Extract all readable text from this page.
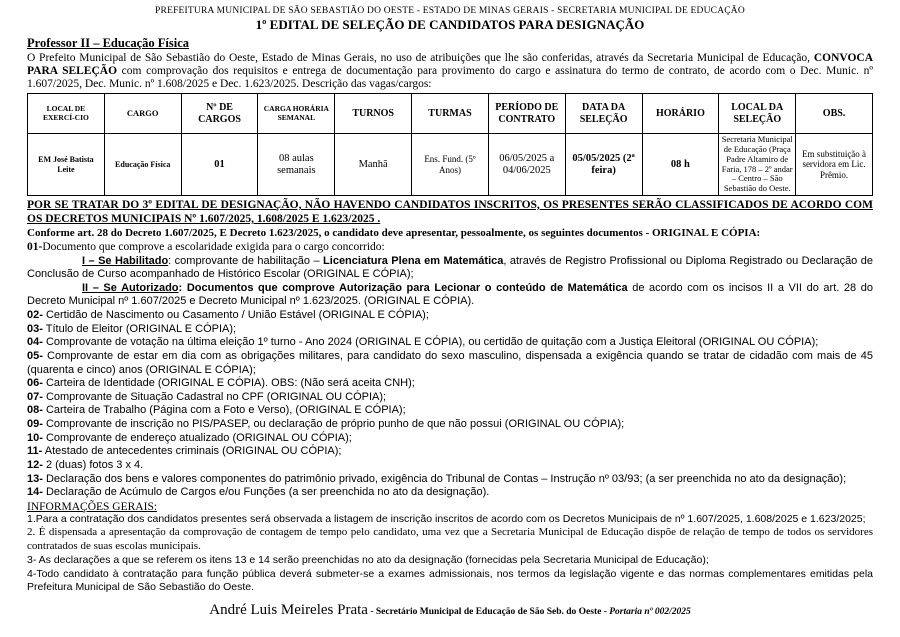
PREFEITURA MUNICIPAL DE SÃO SEBASTIÃO DO OESTE - ESTADO DE MINAS GERAIS - SECRETARIA MUNICIPAL DE EDUCAÇÃO
1º EDITAL DE SELEÇÃO DE CANDIDATOS PARA DESIGNAÇÃO
Professor II – Educação Física

O Prefeito Municipal de São Sebastião do Oeste, Estado de Minas Gerais, no uso de atribuições que lhe são conferidas, através da Secretaria Municipal de Educação, CONVOCA PARA SELEÇÃO com comprovação dos requisitos e entrega de documentação para provimento do cargo e assinatura do termo de contrato, de acordo com o Dec. Munic. nº 1.607/2025, Dec. Munic. nº 1.608/2025 e Dec. 1.623/2025. Descrição das vagas/cargos:

LOCAL DE EXERCÍ-CIO	CARGO	Nº DE CARGOS	CARGA HORÁRIA SEMANAL	TURNOS	TURMAS	PERÍODO DE CONTRATO	DATA DA SELEÇÃO	HORÁRIO	LOCAL DA SELEÇÃO	OBS.
EM José Batista Leite	Educação Física	01	08 aulas semanais	Manhã	Ens. Fund. (5º Anos)	06/05/2025 a 04/06/2025	05/05/2025 (2ª feira)	08 h	Secretaria Municipal de Educação (Praça Padre Altamiro de Faria, 178 – 2º andar – Centro – São Sebastião do Oeste.	Em substituição à servidora em Lic. Prêmio.

POR SE TRATAR DO 3º EDITAL DE DESIGNAÇÃO, NÃO HAVENDO CANDIDATOS INSCRITOS, OS PRESENTES SERÃO CLASSIFICADOS DE ACORDO COM OS DECRETOS MUNICIPAIS Nº 1.607/2025, 1.608/2025 E 1.623/2025 .

Conforme art. 28 do Decreto 1.607/2025, E Decreto 1.623/2025, o candidato deve apresentar, pessoalmente, os seguintes documentos - ORIGINAL E CÓPIA:

01-Documento que comprove a escolaridade exigida para o cargo concorrido:

I – Se Habilitado: comprovante de habilitação – Licenciatura Plena em Matemática, através de Registro Profissional ou Diploma Registrado ou Declaração de Conclusão de Curso acompanhado de Histórico Escolar (ORIGINAL E CÓPIA);

II – Se Autorizado: Documentos que comprove Autorização para Lecionar o conteúdo de Matemática de acordo com os incisos II a VII do art. 28 do Decreto Municipal nº 1.607/2025 e Decreto Municipal nº 1.623/2025. (ORIGINAL E CÓPIA).

02- Certidão de Nascimento ou Casamento / União Estável (ORIGINAL E CÓPIA);

03- Título de Eleitor (ORIGINAL E CÓPIA);

04- Comprovante de votação na última eleição 1º turno - Ano 2024 (ORIGINAL E CÓPIA), ou certidão de quitação com a Justiça Eleitoral (ORIGINAL OU CÓPIA);

05- Comprovante de estar em dia com as obrigações militares, para candidato do sexo masculino, dispensada a exigência quando se tratar de cidadão com mais de 45 (quarenta e cinco) anos (ORIGINAL E CÓPIA);

06- Carteira de Identidade (ORIGINAL E CÓPIA). OBS: (Não será aceita CNH);

07- Comprovante de Situação Cadastral no CPF (ORIGINAL OU CÓPIA);

08- Carteira de Trabalho (Página com a Foto e Verso), (ORIGINAL E CÓPIA);

09- Comprovante de inscrição no PIS/PASEP, ou declaração de próprio punho de que não possui (ORIGINAL OU CÓPIA);

10- Comprovante de endereço atualizado (ORIGINAL OU CÓPIA);

11- Atestado de antecedentes criminais (ORIGINAL OU CÓPIA);

12- 2 (duas) fotos 3 x 4.

13- Declaração dos bens e valores componentes do patrimônio privado, exigência do Tribunal de Contas – Instrução nº 03/93; (a ser preenchida no ato da designação);

14- Declaração de Acúmulo de Cargos e/ou Funções (a ser preenchida no ato da designação).

INFORMAÇÕES GERAIS:

1.Para a contratação dos candidatos presentes será observada a listagem de inscrição inscritos de acordo com os Decretos Municipais de nº 1.607/2025, 1.608/2025 e 1.623/2025;

2. É dispensada a apresentação da comprovação de contagem de tempo pelo candidato, uma vez que a Secretaria Municipal de Educação dispõe de relação de tempo de todos os servidores contratados de suas escolas municipais.

3- As declarações a que se referem os itens 13 e 14 serão preenchidas no ato da designação (fornecidas pela Secretaria Municipal de Educação);

4-Todo candidato à contratação para função pública deverá submeter-se a exames admissionais, nos termos da legislação vigente e das normas complementares emitidas pela Prefeitura Municipal de São Sebastião do Oeste.

André Luis Meireles Prata - Secretário Municipal de Educação de São Seb. do Oeste - Portaria nº 002/2025
